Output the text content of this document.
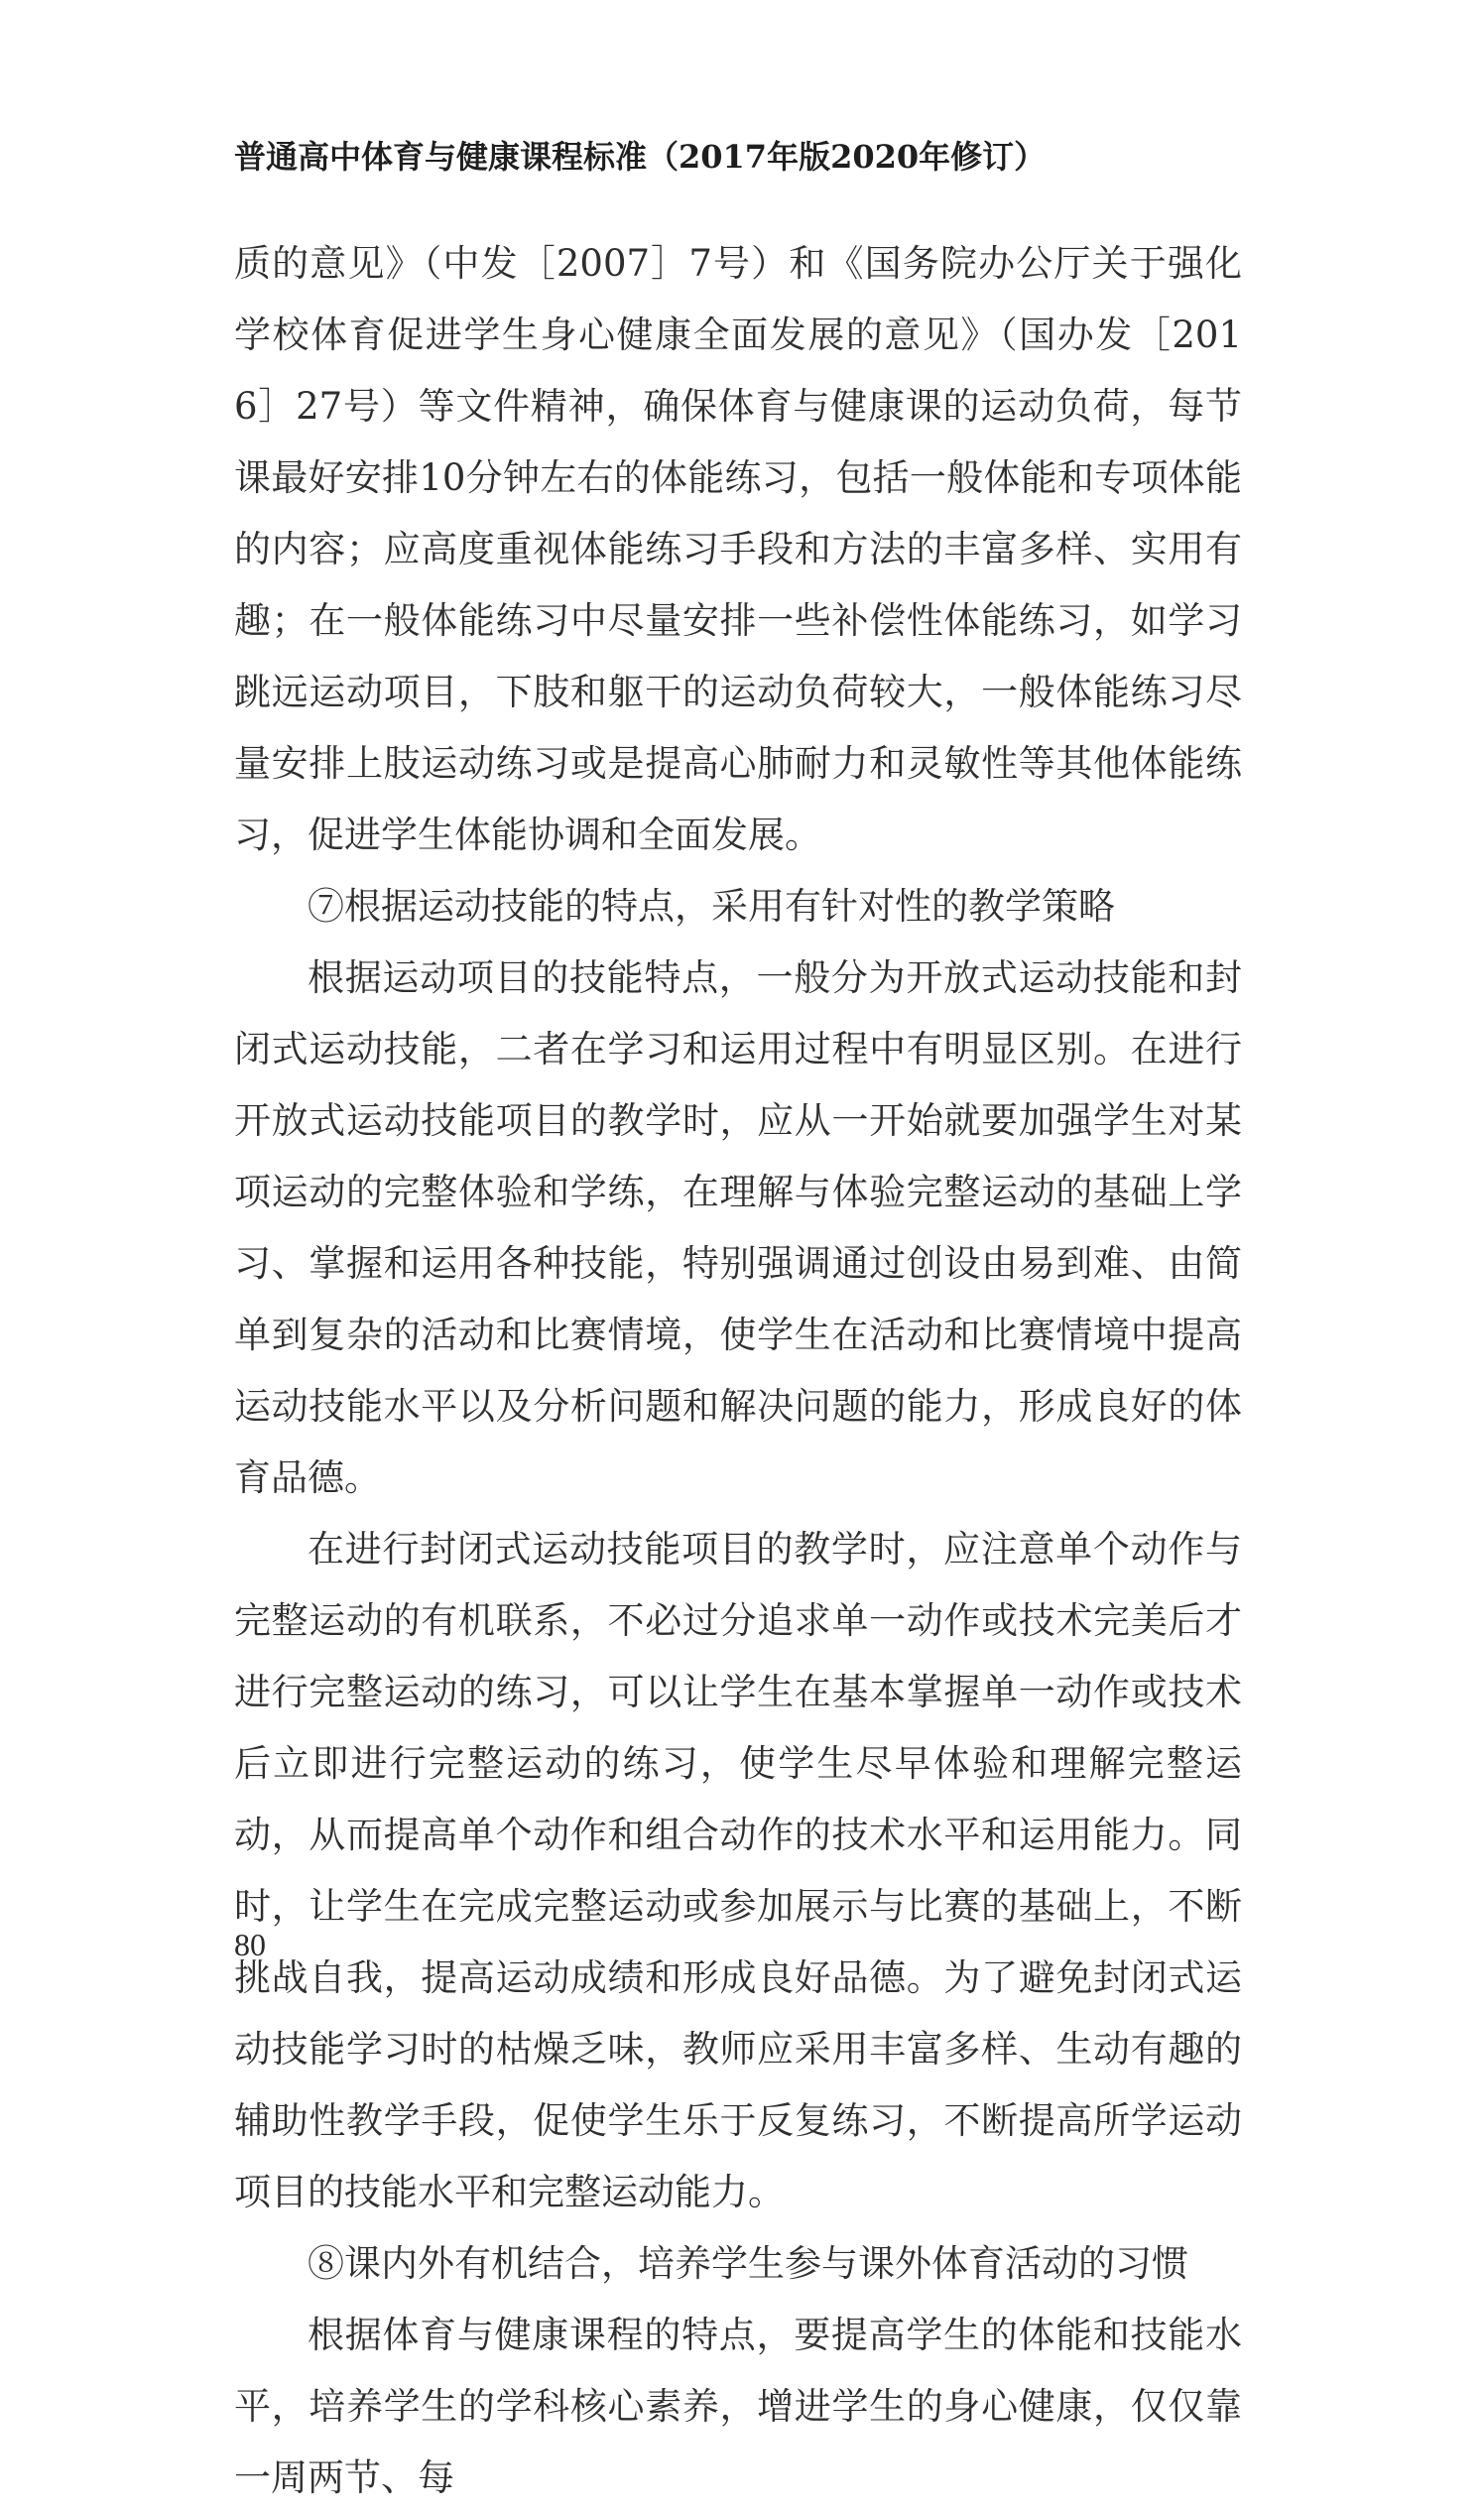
普通高中体育与健康课程标准（2017年版2020年修订）

质的意见》（中发［2007］7号）和《国务院办公厅关于强化学校体育促进学生身心健康全面发展的意见》（国办发［2016］27号）等文件精神，确保体育与健康课的运动负荷，每节课最好安排10分钟左右的体能练习，包括一般体能和专项体能的内容；应高度重视体能练习手段和方法的丰富多样、实用有趣；在一般体能练习中尽量安排一些补偿性体能练习，如学习跳远运动项目，下肢和躯干的运动负荷较大，一般体能练习尽量安排上肢运动练习或是提高心肺耐力和灵敏性等其他体能练习，促进学生体能协调和全面发展。

⑦根据运动技能的特点，采用有针对性的教学策略

根据运动项目的技能特点，一般分为开放式运动技能和封闭式运动技能，二者在学习和运用过程中有明显区别。在进行开放式运动技能项目的教学时，应从一开始就要加强学生对某项运动的完整体验和学练，在理解与体验完整运动的基础上学习、掌握和运用各种技能，特别强调通过创设由易到难、由简单到复杂的活动和比赛情境，使学生在活动和比赛情境中提高运动技能水平以及分析问题和解决问题的能力，形成良好的体育品德。

在进行封闭式运动技能项目的教学时，应注意单个动作与完整运动的有机联系，不必过分追求单一动作或技术完美后才进行完整运动的练习，可以让学生在基本掌握单一动作或技术后立即进行完整运动的练习，使学生尽早体验和理解完整运动，从而提高单个动作和组合动作的技术水平和运用能力。同时，让学生在完成完整运动或参加展示与比赛的基础上，不断挑战自我，提高运动成绩和形成良好品德。为了避免封闭式运动技能学习时的枯燥乏味，教师应采用丰富多样、生动有趣的辅助性教学手段，促使学生乐于反复练习，不断提高所学运动项目的技能水平和完整运动能力。

⑧课内外有机结合，培养学生参与课外体育活动的习惯

根据体育与健康课程的特点，要提高学生的体能和技能水平，培养学生的学科核心素养，增进学生的身心健康，仅仅靠一周两节、每

80
